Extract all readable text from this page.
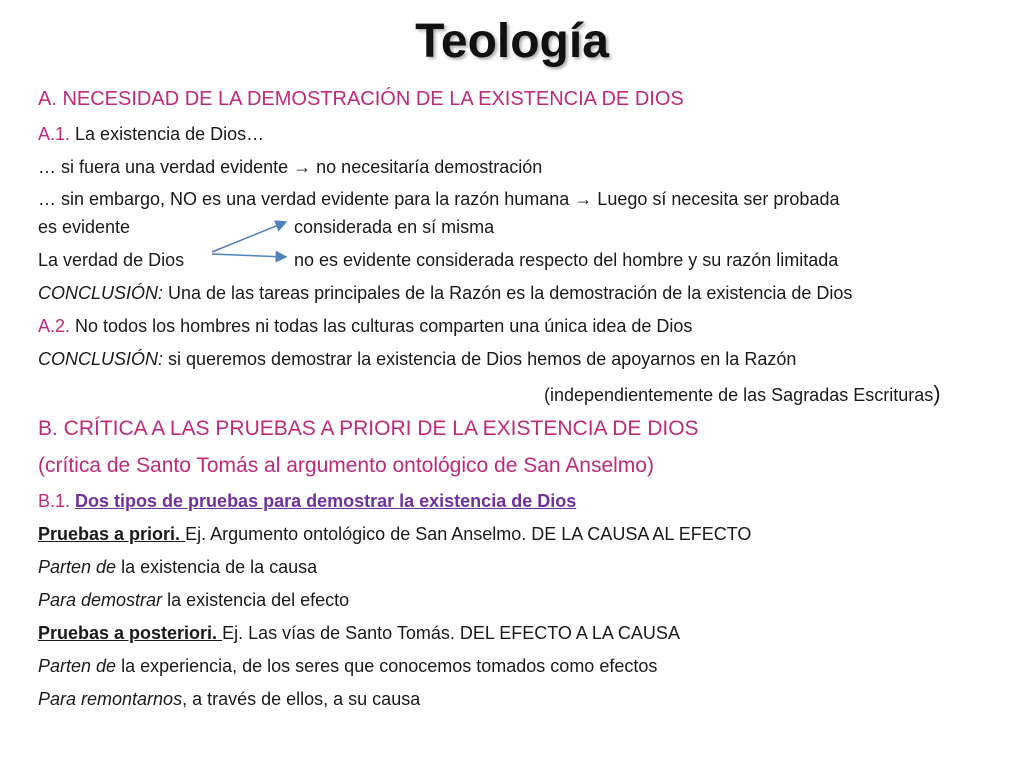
Teología
A. NECESIDAD DE LA DEMOSTRACIÓN DE LA EXISTENCIA DE DIOS
A.1. La existencia de Dios…
… si fuera una verdad evidente → no necesitaría demostración
… sin embargo, NO es una verdad evidente para la razón humana → Luego sí necesita ser probada
es evidente	considerada en sí misma
La verdad de Dios	no es evidente considerada respecto del hombre y su razón limitada
CONCLUSIÓN: Una de las tareas principales de la Razón es la demostración de la existencia de Dios
A.2. No todos los hombres ni todas las culturas comparten una única idea de Dios
CONCLUSIÓN: si queremos demostrar la existencia de Dios hemos de apoyarnos en la Razón
(independientemente de las Sagradas Escrituras)
B. CRÍTICA A LAS PRUEBAS A PRIORI DE LA EXISTENCIA DE DIOS
(crítica de Santo Tomás al argumento ontológico de San Anselmo)
B.1. Dos tipos de pruebas para demostrar la existencia de Dios
Pruebas a priori. Ej. Argumento ontológico de San Anselmo. DE LA CAUSA AL EFECTO
Parten de la existencia de la causa
Para demostrar la existencia del efecto
Pruebas a posteriori. Ej. Las vías de Santo Tomás. DEL EFECTO A LA CAUSA
Parten de la experiencia, de los seres que conocemos tomados como efectos
Para remontarnos, a través de ellos, a su causa
